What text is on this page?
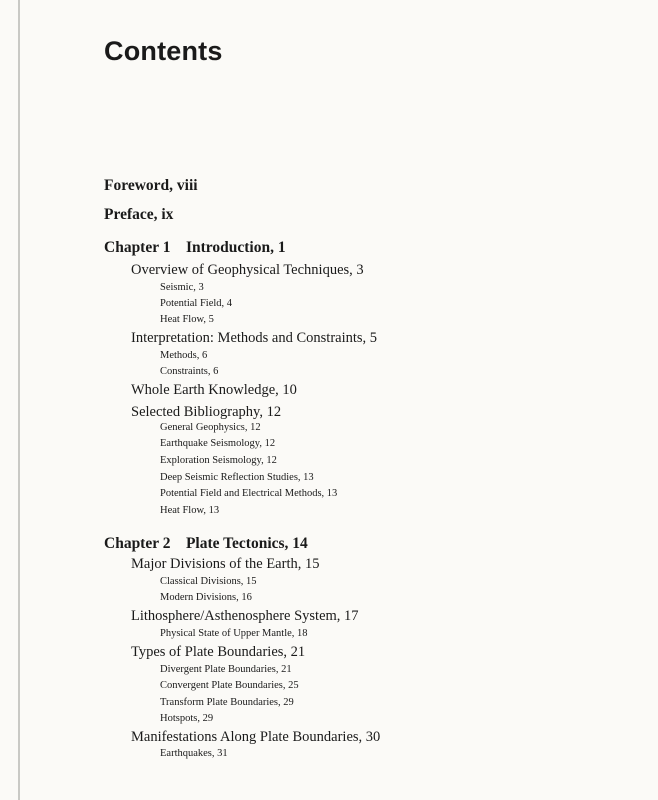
Contents
Foreword, viii
Preface, ix
Chapter 1    Introduction, 1
Overview of Geophysical Techniques, 3
Seismic, 3
Potential Field, 4
Heat Flow, 5
Interpretation: Methods and Constraints, 5
Methods, 6
Constraints, 6
Whole Earth Knowledge, 10
Selected Bibliography, 12
General Geophysics, 12
Earthquake Seismology, 12
Exploration Seismology, 12
Deep Seismic Reflection Studies, 13
Potential Field and Electrical Methods, 13
Heat Flow, 13
Chapter 2    Plate Tectonics, 14
Major Divisions of the Earth, 15
Classical Divisions, 15
Modern Divisions, 16
Lithosphere/Asthenosphere System, 17
Physical State of Upper Mantle, 18
Types of Plate Boundaries, 21
Divergent Plate Boundaries, 21
Convergent Plate Boundaries, 25
Transform Plate Boundaries, 29
Hotspots, 29
Manifestations Along Plate Boundaries, 30
Earthquakes, 31
